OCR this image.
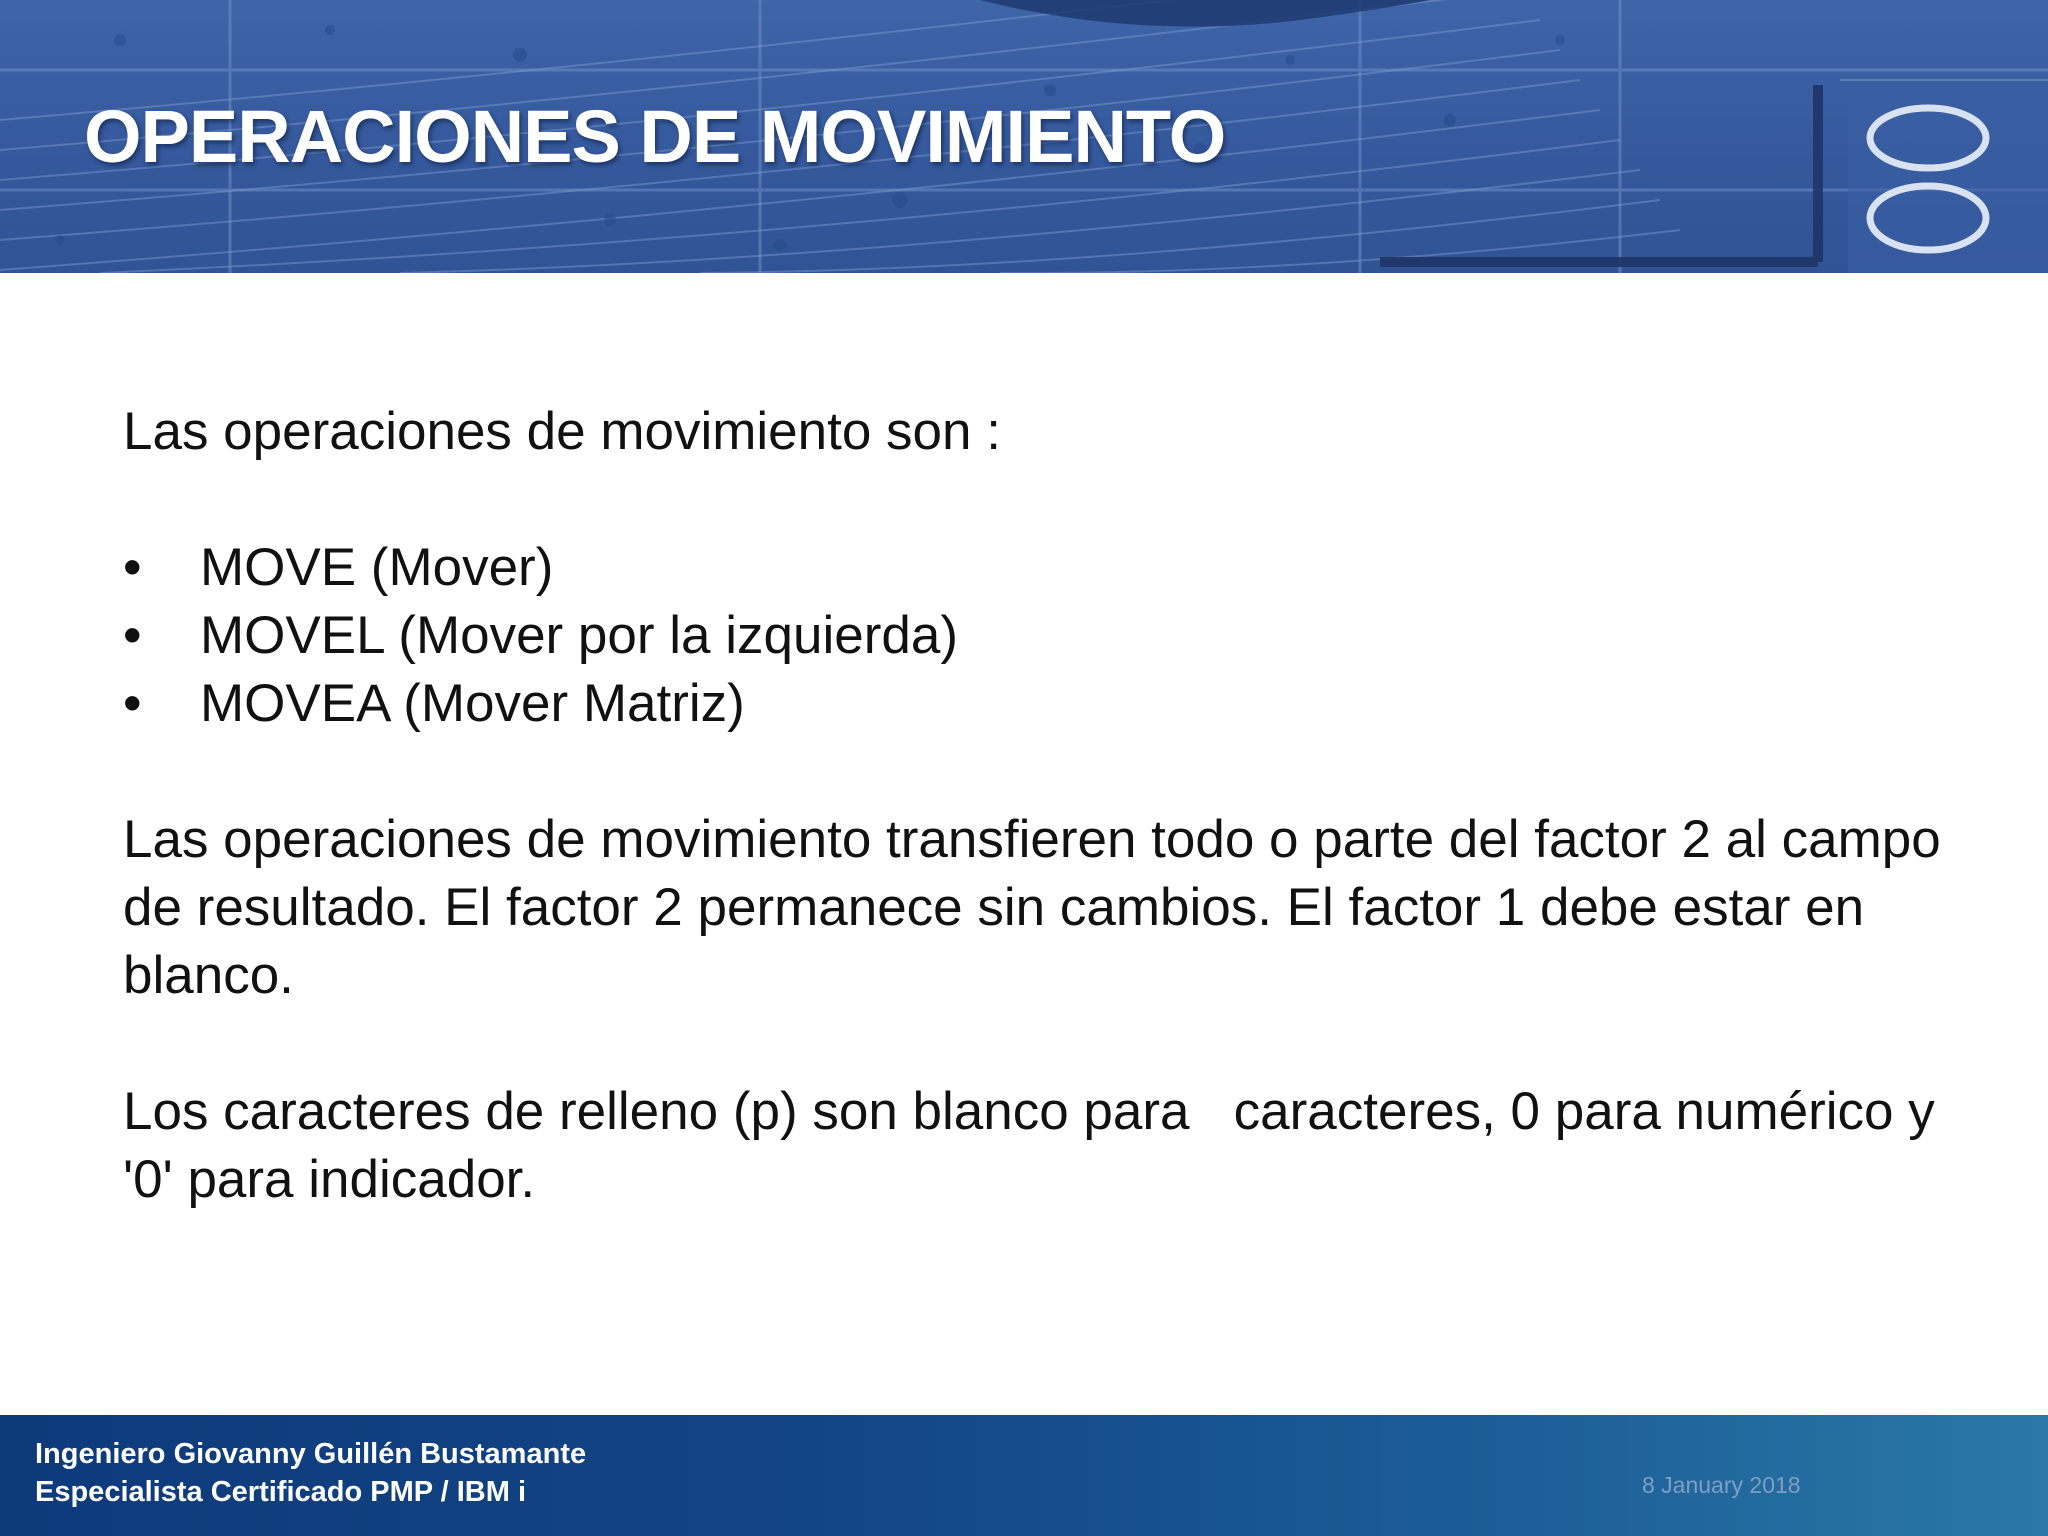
OPERACIONES DE MOVIMIENTO

Las operaciones de movimiento son :

• MOVE (Mover)
• MOVEL (Mover por la izquierda)
• MOVEA (Mover Matriz)

Las operaciones de movimiento transfieren todo o parte del factor 2 al campo de resultado. El factor 2 permanece sin cambios. El factor 1 debe estar en blanco.

Los caracteres de relleno (p) son blanco para   caracteres, 0 para numérico y '0' para indicador.

Ingeniero Giovanny Guillén Bustamante
Especialista Certificado PMP / IBM i	8 January 2018
